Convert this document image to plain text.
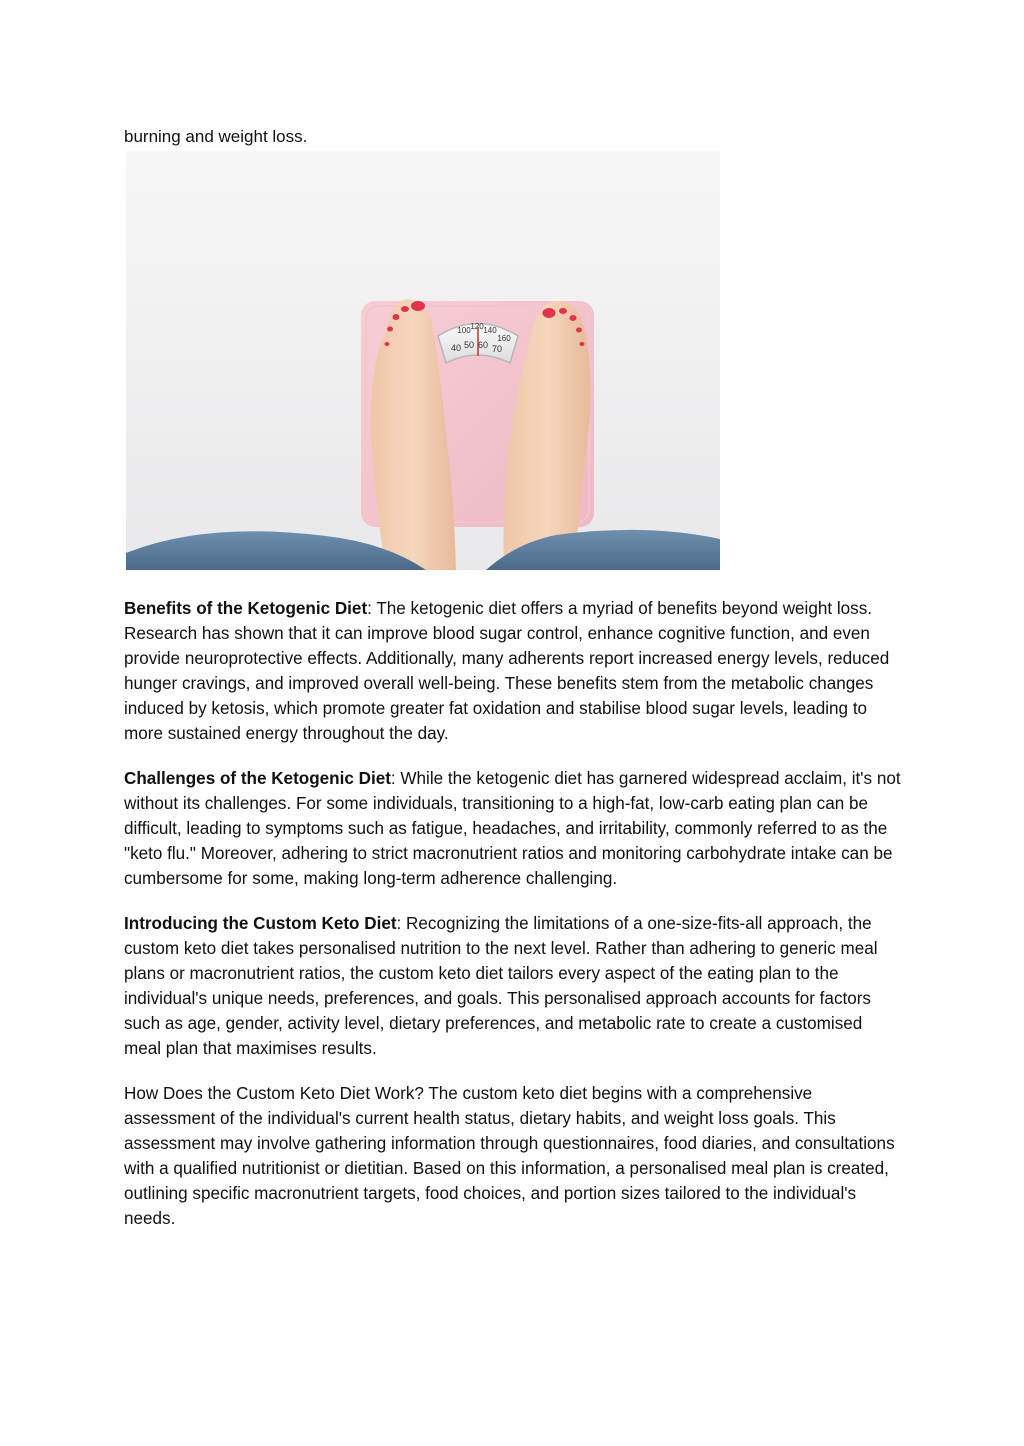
burning and weight loss.
100 120 140
160
40 50 60 70

Benefits of the Ketogenic Diet: The ketogenic diet offers a myriad of benefits beyond weight loss. Research has shown that it can improve blood sugar control, enhance cognitive function, and even provide neuroprotective effects. Additionally, many adherents report increased energy levels, reduced hunger cravings, and improved overall well-being. These benefits stem from the metabolic changes induced by ketosis, which promote greater fat oxidation and stabilise blood sugar levels, leading to more sustained energy throughout the day.

Challenges of the Ketogenic Diet: While the ketogenic diet has garnered widespread acclaim, it's not without its challenges. For some individuals, transitioning to a high-fat, low-carb eating plan can be difficult, leading to symptoms such as fatigue, headaches, and irritability, commonly referred to as the "keto flu." Moreover, adhering to strict macronutrient ratios and monitoring carbohydrate intake can be cumbersome for some, making long-term adherence challenging.

Introducing the Custom Keto Diet: Recognizing the limitations of a one-size-fits-all approach, the custom keto diet takes personalised nutrition to the next level. Rather than adhering to generic meal plans or macronutrient ratios, the custom keto diet tailors every aspect of the eating plan to the individual's unique needs, preferences, and goals. This personalised approach accounts for factors such as age, gender, activity level, dietary preferences, and metabolic rate to create a customised meal plan that maximises results.

How Does the Custom Keto Diet Work? The custom keto diet begins with a comprehensive assessment of the individual's current health status, dietary habits, and weight loss goals. This assessment may involve gathering information through questionnaires, food diaries, and consultations with a qualified nutritionist or dietitian. Based on this information, a personalised meal plan is created, outlining specific macronutrient targets, food choices, and portion sizes tailored to the individual's needs.
